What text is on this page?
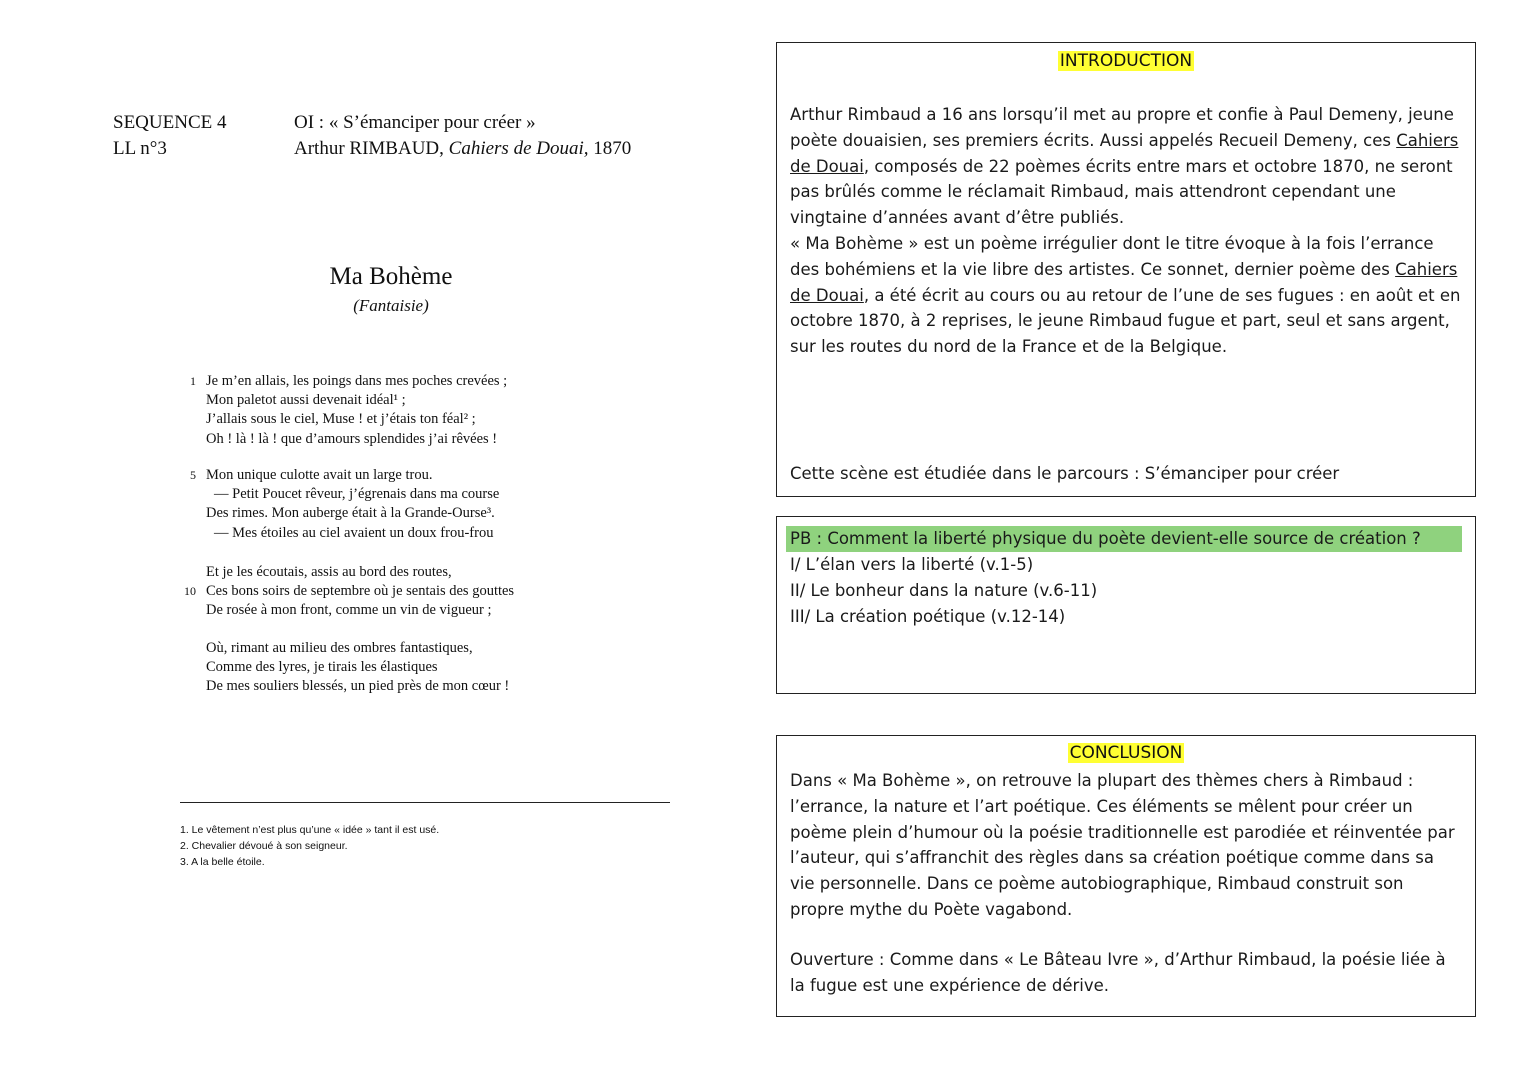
SEQUENCE 4
LL n°3
OI : « S’émanciper pour créer »
Arthur RIMBAUD, Cahiers de Douai, 1870
Ma Bohème
(Fantaisie)
1 Je m’en allais, les poings dans mes poches crevées ;
Mon paletot aussi devenait idéal¹ ;
J’allais sous le ciel, Muse ! et j’étais ton féal² ;
Oh ! là ! là ! que d’amours splendides j’ai rêvées !
5 Mon unique culotte avait un large trou.
— Petit Poucet rêveur, j’égrenais dans ma course
Des rimes. Mon auberge était à la Grande-Ourse³.
— Mes étoiles au ciel avaient un doux frou-frou
Et je les écoutais, assis au bord des routes,
10 Ces bons soirs de septembre où je sentais des gouttes
De rosée à mon front, comme un vin de vigueur ;
Où, rimant au milieu des ombres fantastiques,
Comme des lyres, je tirais les élastiques
De mes souliers blessés, un pied près de mon cœur !
1. Le vêtement n’est plus qu’une « idée » tant il est usé.
2. Chevalier dévoué à son seigneur.
3. A la belle étoile.
INTRODUCTION
Arthur Rimbaud a 16 ans lorsqu’il met au propre et confie à Paul Demeny, jeune poète douaisien, ses premiers écrits. Aussi appelés Recueil Demeny, ces Cahiers de Douai, composés de 22 poèmes écrits entre mars et octobre 1870, ne seront pas brûlés comme le réclamait Rimbaud, mais attendront cependant une vingtaine d’années avant d’être publiés.
« Ma Bohème » est un poème irrégulier dont le titre évoque à la fois l’errance des bohémiens et la vie libre des artistes. Ce sonnet, dernier poème des Cahiers de Douai, a été écrit au cours ou au retour de l’une de ses fugues : en août et en octobre 1870, à 2 reprises, le jeune Rimbaud fugue et part, seul et sans argent, sur les routes du nord de la France et de la Belgique.
Cette scène est étudiée dans le parcours : S’émanciper pour créer
PB : Comment la liberté physique du poète devient-elle source de création ?
I/ L’élan vers la liberté (v.1-5)
II/ Le bonheur dans la nature (v.6-11)
III/ La création poétique (v.12-14)
CONCLUSION
Dans « Ma Bohème », on retrouve la plupart des thèmes chers à Rimbaud : l’errance, la nature et l’art poétique. Ces éléments se mêlent pour créer un poème plein d’humour où la poésie traditionnelle est parodiée et réinventée par l’auteur, qui s’affranchit des règles dans sa création poétique comme dans sa vie personnelle. Dans ce poème autobiographique, Rimbaud construit son propre mythe du Poète vagabond.
Ouverture : Comme dans « Le Bâteau Ivre », d’Arthur Rimbaud, la poésie liée à la fugue est une expérience de dérive.
